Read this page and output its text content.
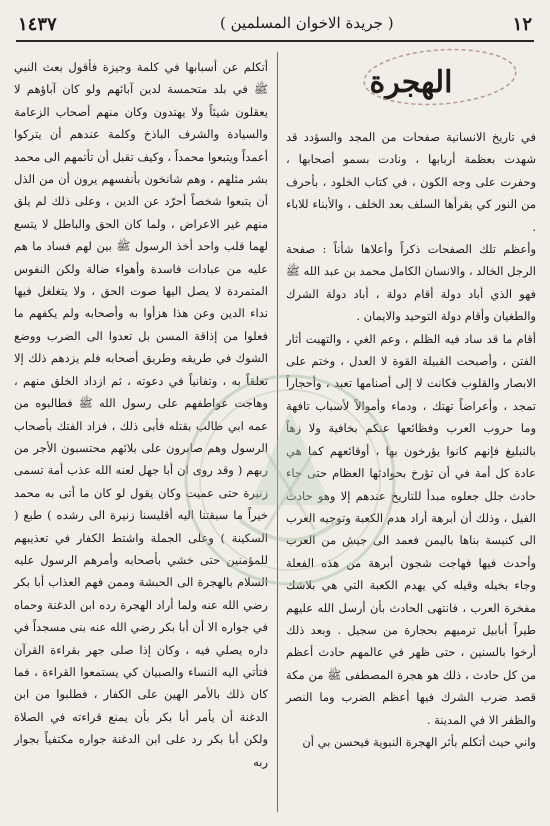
١٤٣٧	( جريدة الاخوان المسلمين )	١٢
الهجرة

في تاريخ الانسانية صفحات من المجد والسؤدد قد شهدت بعظمة أربابها ، ونادت بسمو أصحابها ، وحفرت على وجه الكون ، في كتاب الخلود ، بأحرف من النور كي يقرأها السلف بعد الخلف ، والأبناء للاباء .

وأعظم تلك الصفحات ذكراً وأعلاها شأناً : صفحة الرجل الخالد ، والانسان الكامل محمد بن عبد الله ﷺ فهو الذي أباد دولة أقام دولة ، أباد دولة الشرك والطغيان وأقام دولة التوحيد والايمان .

أقام ما قد ساد فيه الظلم ، وعم الغي ، والتهبت أثار الفتن ، وأصبحت القبيلة القوة لا العدل ، وختم على الابصار والقلوب فكانت لا إلى أصنامها تعبد ، وأحجاراً تمجد ، وأعراضاً تهتك ، ودماء وأموالاً لأسباب تافهة وما حروب العرب وفظائعها عنكم بخافية ولا زهاً بالتبليغ فإنهم كانوا يؤرخون بها ، أوقائعهم كما هي عادة كل أمة في أن تؤرخ بحوادثها العظام حتى جاء حادث جلل جعلوه مبدأ للتاريخ عندهم إلا وهو حادث الفيل ، وذلك أن أبرهة أراد هدم الكعبة وتوجيه العرب الى كنيسة بناها باليمن فعمد الى جيش من العرب وأحدث فيها فهاجت شجون أبرهة من هذه الفعلة وجاء بخيله وقيله كي يهدم الكعبة التي هي بلاشك مفخرة العرب ، فانتهى الحادث بأن أرسل الله عليهم طيراً أبابيل ترميهم بحجارة من سجيل . وبعد ذلك أرخوا بالسنين ، حتى ظهر في عالمهم حادث أعظم من كل حادث ، ذلك هو هجرة المصطفى ﷺ من مكة قصد ضرب الشرك فيها أعظم الضرب وما النصر والظفر الا في المدينة .

واني حيث أتكلم بأثر الهجرة النبوية فيحسن بي أن

أتكلم عن أسبابها في كلمة وجيزة فأقول بعث النبي ﷺ في بلد متحمسة لدين آبائهم ولو كان آباؤهم لا يعقلون شيئاً ولا يهتدون وكان منهم أصحاب الزعامة والسيادة والشرف الباذخ وكلمة عندهم أن يتركوا أعمداً ويتبعوا محمداً ، وكيف تقبل أن تأتمهم الى محمد بشر مثلهم ، وهم شانخون بأنفسهم يرون أن من الذل أن يتبعوا شخصاً أحرّد عن الدين ، وعلى ذلك لم يلق منهم غير الاعراض ، ولما كان الحق والباطل لا يتسع لهما قلب واحد أخذ الرسول ﷺ بين لهم فساد ما هم عليه من عبادات فاسدة وأهواء ضالة ولكن النفوس المتمردة لا يصل اليها صوت الحق ، ولا يتغلغل فيها نداء الدين وعن هذا هزأوا به وأصحابه ولم يكفهم ما فعلوا من إذاقة المسن بل تعدوا الى الضرب ووضع الشوك في طريقه وطريق أصحابه فلم يزدهم ذلك إلا تعلقاً به ، وتفانياً في دعوته ، ثم ازداد الخلق منهم ، وهاجت عواطفهم على رسول الله ﷺ فطالبوه من عمه ابي طالب بقتله فأبى ذلك ، فزاد الفتك بأصحاب الرسول وهم صابرون على بلائهم محتسبون الأجر من ربهم ( وقد روى ان أبا جهل لعنه الله عذب أمة تسمى زنيرة حتى عميت وكان يقول لو كان ما أتى به محمد خيراً ما سبقتنا اليه أقليسنا زنيرة الى رشده ) طبع ( السكينة ) وعلى الجملة واشتط الكفار في تعذيبهم للمؤمنين حتى خشي بأصحابه وأمرهم الرسول عليه السلام بالهجرة الى الحبشة وممن فهم العذاب أبا بكر رضي الله عنه ولما أراد الهجرة رده ابن الدغنة وحماه في جواره الا أن أبا بكر رضي الله عنه بنى مسجداً في داره يصلي فيه ، وكان إذا صلى جهر بقراءة القرآن فتأتي اليه النساء والصبيان كي يستمعوا القراءة ، فما كان ذلك بالأمر الهين على الكفار ، فطلبوا من ابن الدغنة أن يأمر أبا بكر بأن يمنع قراءته في الصلاة ولكن أبا بكر رد على ابن الدغنة جواره مكتفياً بجوار ربه
